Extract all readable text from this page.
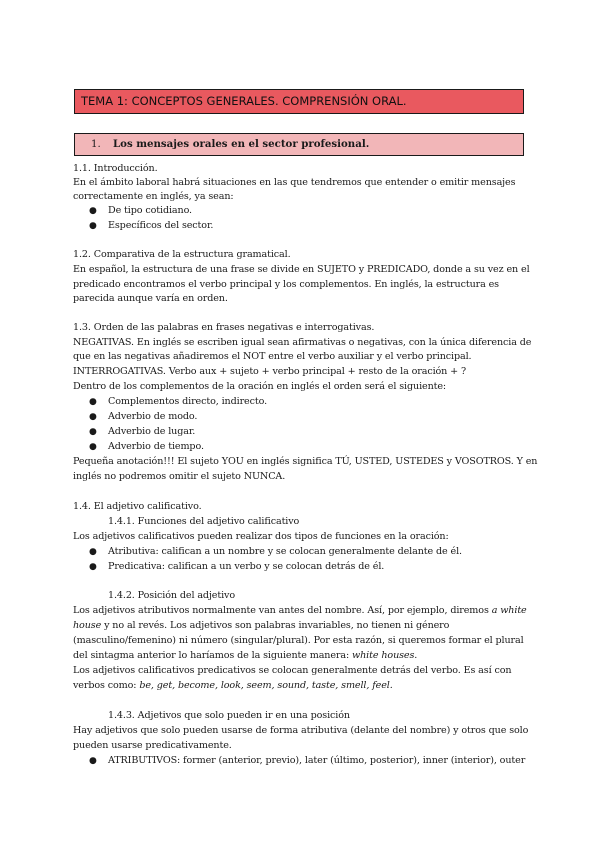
TEMA 1: CONCEPTOS GENERALES. COMPRENSIÓN ORAL.
1. Los mensajes orales en el sector profesional.
1.1. Introducción.
En el ámbito laboral habrá situaciones en las que tendremos que entender o emitir mensajes
correctamente en inglés, ya sean:
● De tipo cotidiano.
● Específicos del sector.
1.2. Comparativa de la estructura gramatical.
En español, la estructura de una frase se divide en SUJETO y PREDICADO, donde a su vez en el
predicado encontramos el verbo principal y los complementos. En inglés, la estructura es
parecida aunque varía en orden.
1.3. Orden de las palabras en frases negativas e interrogativas.
NEGATIVAS. En inglés se escriben igual sean afirmativas o negativas, con la única diferencia de
que en las negativas añadiremos el NOT entre el verbo auxiliar y el verbo principal.
INTERROGATIVAS. Verbo aux + sujeto + verbo principal + resto de la oración + ?
Dentro de los complementos de la oración en inglés el orden será el siguiente:
● Complementos directo, indirecto.
● Adverbio de modo.
● Adverbio de lugar.
● Adverbio de tiempo.
Pequeña anotación!!! El sujeto YOU en inglés significa TÚ, USTED, USTEDES y VOSOTROS. Y en
inglés no podremos omitir el sujeto NUNCA.
1.4. El adjetivo calificativo.
1.4.1. Funciones del adjetivo calificativo
Los adjetivos calificativos pueden realizar dos tipos de funciones en la oración:
● Atributiva: califican a un nombre y se colocan generalmente delante de él.
● Predicativa: califican a un verbo y se colocan detrás de él.
1.4.2. Posición del adjetivo
Los adjetivos atributivos normalmente van antes del nombre. Así, por ejemplo, diremos a white
house y no al revés. Los adjetivos son palabras invariables, no tienen ni género
(masculino/femenino) ni número (singular/plural). Por esta razón, si queremos formar el plural
del sintagma anterior lo haríamos de la siguiente manera: white houses.
Los adjetivos calificativos predicativos se colocan generalmente detrás del verbo. Es así con
verbos como: be, get, become, look, seem, sound, taste, smell, feel.
1.4.3. Adjetivos que solo pueden ir en una posición
Hay adjetivos que solo pueden usarse de forma atributiva (delante del nombre) y otros que solo
pueden usarse predicativamente.
● ATRIBUTIVOS: former (anterior, previo), later (último, posterior), inner (interior), outer
